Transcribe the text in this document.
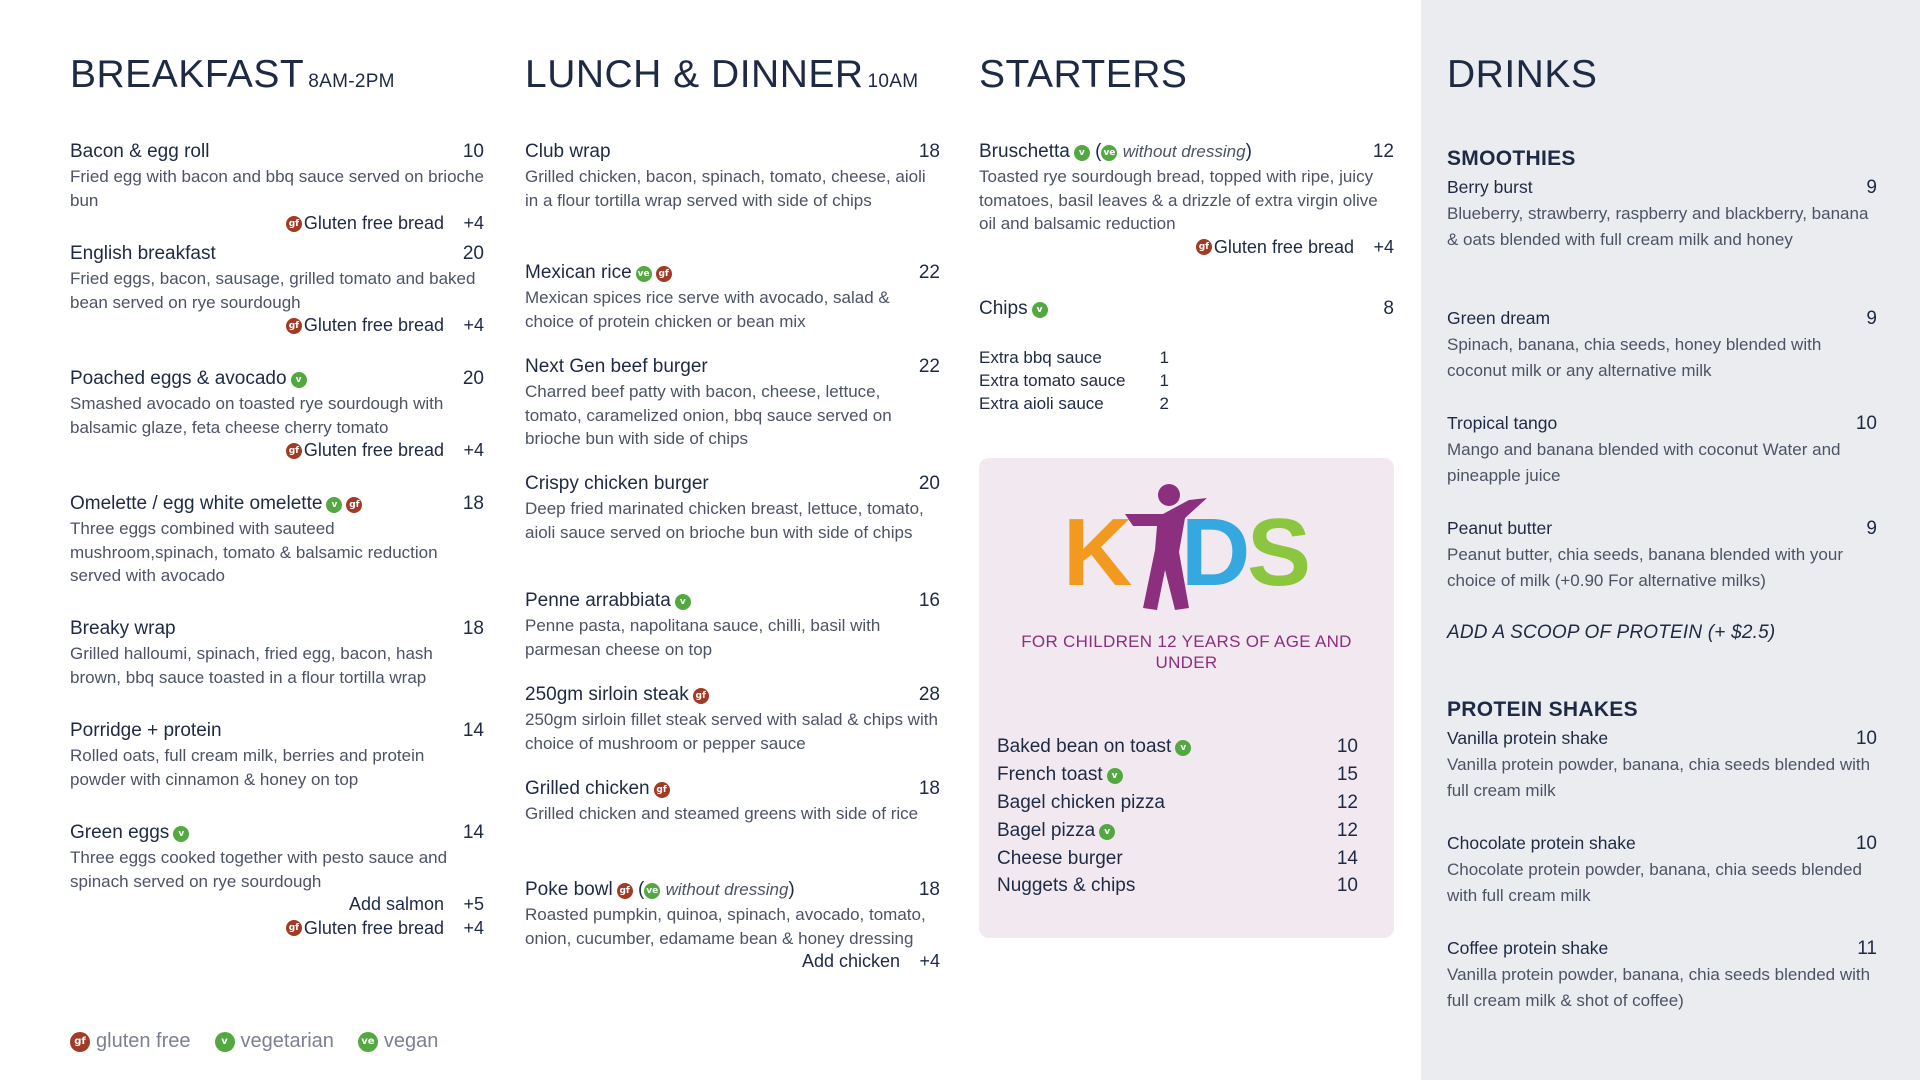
BREAKFAST 8AM-2PM
Bacon & egg roll	10
Fried egg with bacon and bbq sauce served on brioche bun
gf Gluten free bread	+4
English breakfast	20
Fried eggs, bacon, sausage, grilled tomato and baked bean served on rye sourdough
gf Gluten free bread	+4
Poached eggs & avocado v	20
Smashed avocado on toasted rye sourdough with balsamic glaze, feta cheese cherry tomato
gf Gluten free bread	+4
Omelette / egg white omelette v gf	18
Three eggs combined with sauteed mushroom,spinach, tomato & balsamic reduction served with avocado
Breaky wrap	18
Grilled halloumi, spinach, fried egg, bacon, hash brown, bbq sauce toasted in a flour tortilla wrap
Porridge + protein	14
Rolled oats, full cream milk, berries and protein powder with cinnamon & honey on top
Green eggs v	14
Three eggs cooked together with pesto sauce and spinach served on rye sourdough
Add salmon	+5
gf Gluten free bread	+4
LUNCH & DINNER 10AM
Club wrap	18
Grilled chicken, bacon, spinach, tomato, cheese, aioli in a flour tortilla wrap served with side of chips
Mexican rice ve gf	22
Mexican spices rice serve with avocado, salad & choice of protein chicken or bean mix
Next Gen beef burger	22
Charred beef patty with bacon, cheese, lettuce, tomato, caramelized onion, bbq sauce served on brioche bun with side of chips
Crispy chicken burger	20
Deep fried marinated chicken breast, lettuce, tomato, aioli sauce served on brioche bun with side of chips
Penne arrabbiata v	16
Penne pasta, napolitana sauce, chilli, basil with parmesan cheese on top
250gm sirloin steak gf	28
250gm sirloin fillet steak served with salad & chips with choice of mushroom or pepper sauce
Grilled chicken gf	18
Grilled chicken and steamed greens with side of rice
Poke bowl gf ( ve without dressing)	18
Roasted pumpkin, quinoa, spinach, avocado, tomato, onion, cucumber, edamame bean & honey dressing
Add chicken	+4
STARTERS
Bruschetta v ( ve without dressing)	12
Toasted rye sourdough bread, topped with ripe, juicy tomatoes, basil leaves & a drizzle of extra virgin olive oil and balsamic reduction
gf Gluten free bread	+4
Chips v	8
Extra bbq sauce	1
Extra tomato sauce 1
Extra aioli sauce	2
K D
S
FOR CHILDREN 12 YEARS OF AGE AND UNDER
Baked bean on toast v	10
French toast v	15
Bagel chicken pizza	12
Bagel pizza v	12
Cheese burger	14
Nuggets & chips	10
DRINKS
SMOOTHIES
Berry burst	9
Blueberry, strawberry, raspberry and blackberry, banana & oats blended with full cream milk and honey
Green dream	9
Spinach, banana, chia seeds, honey blended with coconut milk or any alternative milk
Tropical tango	10
Mango and banana blended with coconut Water and pineapple juice
Peanut butter	9
Peanut butter, chia seeds, banana blended with your choice of milk (+0.90 For alternative milks)
ADD A SCOOP OF PROTEIN (+ $2.5)
PROTEIN SHAKES
Vanilla protein shake	10
Vanilla protein powder, banana, chia seeds blended with full cream milk
Chocolate protein shake	10
Chocolate protein powder, banana, chia seeds blended with full cream milk
Coffee protein shake	11
Vanilla protein powder, banana, chia seeds blended with full cream milk & shot of coffee)
gf gluten free	v vegetarian	ve vegan
